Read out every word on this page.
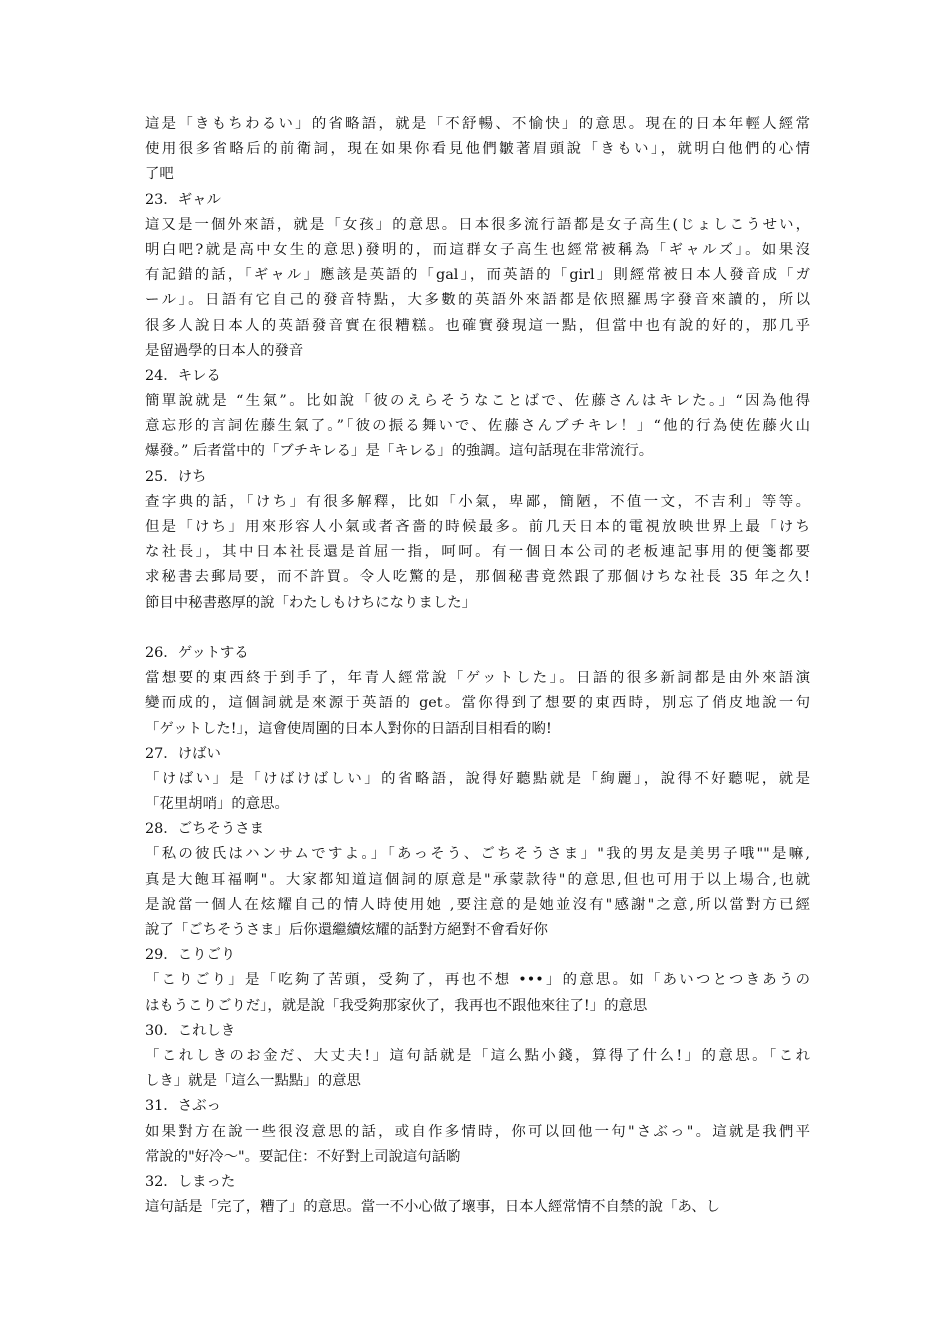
這是「きもちわるい」的省略語，就是「不舒暢、不愉快」的意思。現在的日本年輕人經常
使用很多省略后的前衛詞，現在如果你看見他們皺著眉頭說「きもい」，就明白他們的心情
了吧
23．ギャル
這又是一個外來語，就是「女孩」的意思。日本很多流行語都是女子高生(じょしこうせい，
明白吧?就是高中女生的意思)發明的，而這群女子高生也經常被稱為「ギャルズ」。如果沒
有記錯的話，「ギャル」應該是英語的「gal」，而英語的「girl」則經常被日本人發音成「ガ
ール」。日語有它自己的發音特點，大多數的英語外來語都是依照羅馬字發音來讀的，所以
很多人說日本人的英語發音實在很糟糕。也確實發現這一點，但當中也有說的好的，那几乎
是留過學的日本人的發音
24．キレる
簡單說就是 “生氣”。比如說「彼のえらそうなことばで、佐藤さんはキレた。」“因為他得
意忘形的言詞佐藤生氣了。”「彼の振る舞いで、佐藤さんブチキレ！」“他的行為使佐藤火山
爆發。” 后者當中的「ブチキレる」是「キレる」的強調。這句話現在非常流行。
25．けち
查字典的話，「けち」有很多解釋，比如「小氣，卑鄙，簡陋，不值一文，不吉利」等等。
但是「けち」用來形容人小氣或者吝嗇的時候最多。前几天日本的電視放映世界上最「けち
な社長」，其中日本社長還是首屈一指，呵呵。有一個日本公司的老板連記事用的便箋都要
求秘書去郵局要，而不許買。令人吃驚的是，那個秘書竟然跟了那個けちな社長 35 年之久!
節目中秘書憨厚的說「わたしもけちになりました」
26．ゲットする
當想要的東西終于到手了，年青人經常說「ゲットした」。日語的很多新詞都是由外來語演
變而成的，這個詞就是來源于英語的 get。當你得到了想要的東西時，別忘了俏皮地說一句
「ゲットした!」，這會使周圍的日本人對你的日語刮目相看的喲!
27．けばい
「けばい」是「けばけばしい」的省略語，說得好聽點就是「絢麗」，說得不好聽呢，就是
「花里胡哨」的意思。
28．ごちそうさま
「私の彼氏はハンサムですよ。」「あっそう、ごちそうさま」"我的男友是美男子哦""是嘛,
真是大飽耳福啊"。大家都知道這個詞的原意是"承蒙款待"的意思,但也可用于以上場合,也就
是說當一個人在炫耀自己的情人時使用她 ,要注意的是她並沒有"感謝"之意,所以當對方已經
說了「ごちそうさま」后你還繼續炫耀的話對方絕對不會看好你
29．こりごり
「こりごり」是「吃夠了苦頭，受夠了，再也不想 •••」的意思。如「あいつとつきあうの
はもうこりごりだ」，就是說「我受夠那家伙了，我再也不跟他來往了!」的意思
30．これしき
「これしきのお金だ、大丈夫!」這句話就是「這么點小錢，算得了什么!」的意思。「これ
しき」就是「這么一點點」的意思
31．さぶっ
如果對方在說一些很沒意思的話，或自作多情時，你可以回他一句"さぶっ"。這就是我們平
常說的"好冷～"。要記住：不好對上司說這句話喲
32．しまった
這句話是「完了，糟了」的意思。當一不小心做了壞事，日本人經常情不自禁的說「あ、し
